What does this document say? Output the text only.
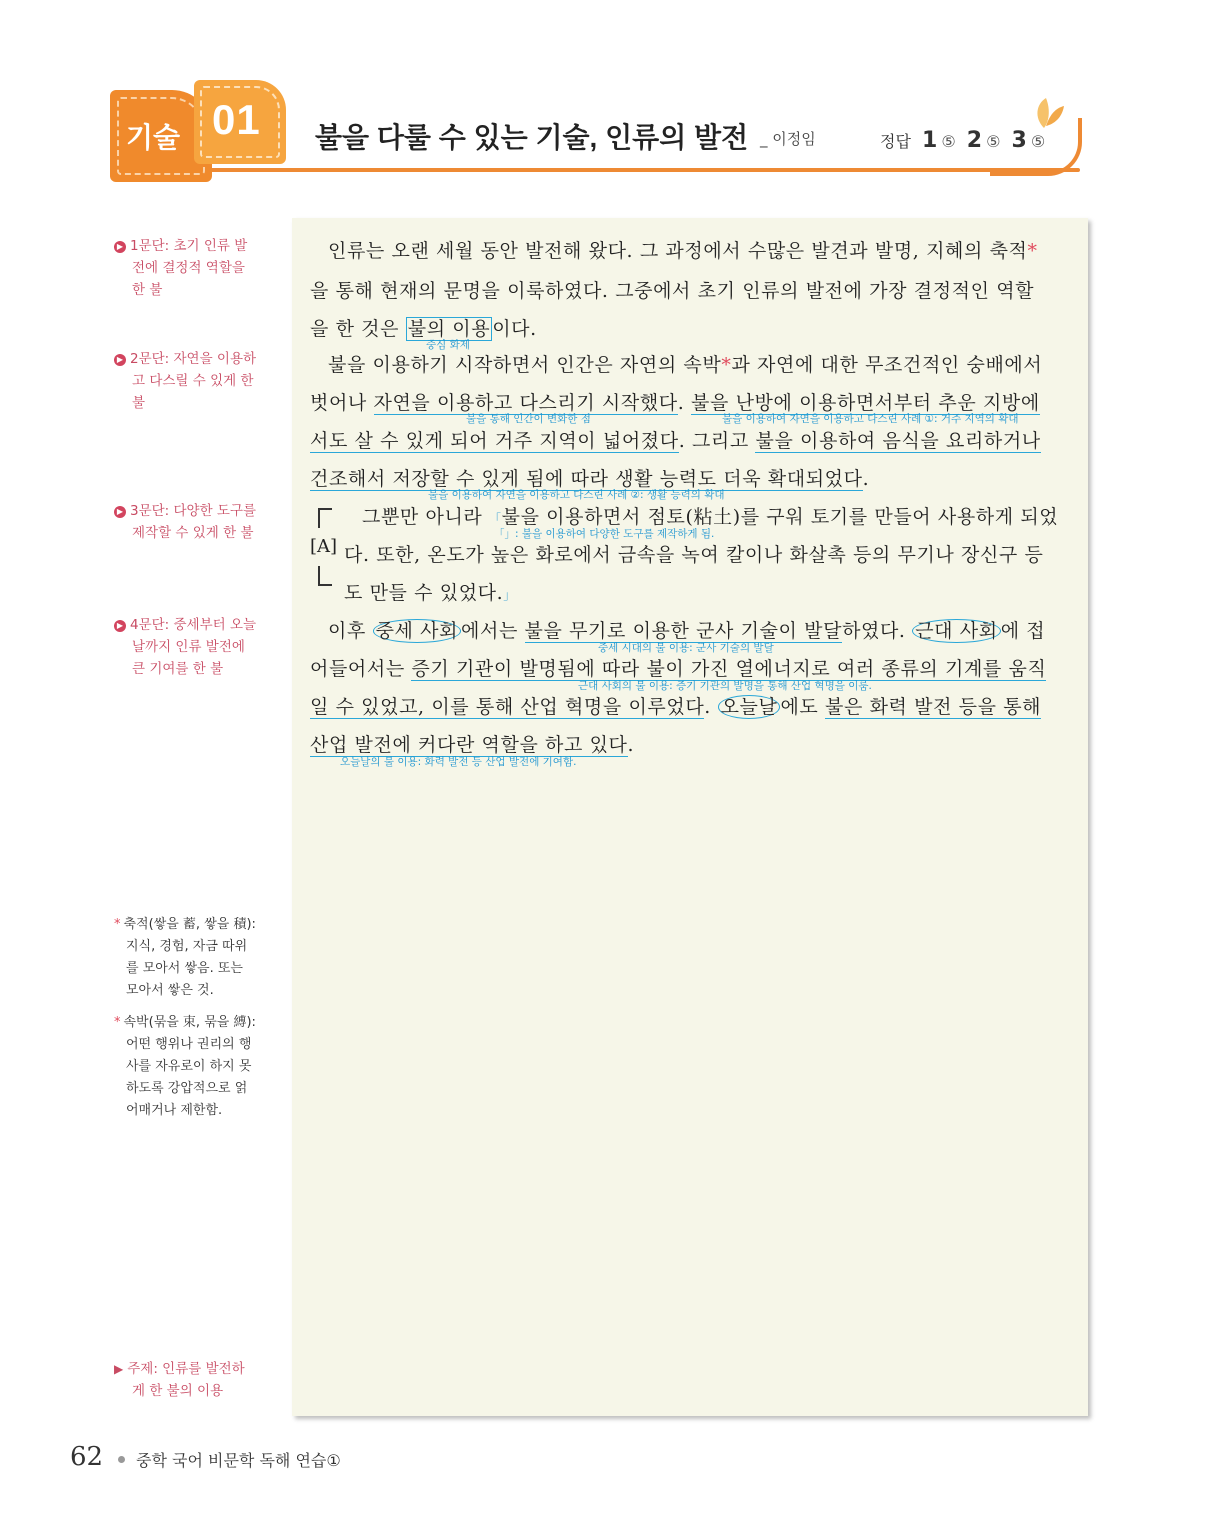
기술 01 불을 다룰 수 있는 기술, 인류의 발전 _ 이정임	정답 1 ⑤ 2 ⑤ 3 ⑤
▶ 1문단: 초기 인류 발
전에 결정적 역할을
한 불
▶ 2문단: 자연을 이용하
고 다스릴 수 있게 한
불
▶ 3문단: 다양한 도구를
제작할 수 있게 한 불
▶ 4문단: 중세부터 오늘
날까지 인류 발전에
큰 기여를 한 불
* 축적(쌓을 蓄, 쌓을 積):
지식, 경험, 자금 따위
를 모아서 쌓음. 또는
모아서 쌓은 것.
* 속박(묶을 束, 묶을 縛):
어떤 행위나 권리의 행
사를 자유로이 하지 못
하도록 강압적으로 얽
어매거나 제한함.
▶ 주제: 인류를 발전하
게 한 불의 이용
인류는 오랜 세월 동안 발전해 왔다. 그 과정에서 수많은 발견과 발명, 지혜의 축적*
을 통해 현재의 문명을 이룩하였다. 그중에서 초기 인류의 발전에 가장 결정적인 역할
을 한 것은 불의 이용 이다.
중심 화제
불을 이용하기 시작하면서 인간은 자연의 속박*과 자연에 대한 무조건적인 숭배에서
벗어나 자연을 이용하고 다스리기 시작했다. 불을 난방에 이용하면서부터 추운 지방에
불을 통해 인간이 변화한 점	불을 이용하여 자연을 이용하고 다스린 사례 ①: 거주 지역의 확대
서도 살 수 있게 되어 거주 지역이 넓어졌다. 그리고 불을 이용하여 음식을 요리하거나
건조해서 저장할 수 있게 됨에 따라 생활 능력도 더욱 확대되었다.
불을 이용하여 자연을 이용하고 다스린 사례 ②: 생활 능력의 확대
[A]
그뿐만 아니라 「불을 이용하면서 점토(粘土)를 구워 토기를 만들어 사용하게 되었
「」: 불을 이용하여 다양한 도구를 제작하게 됨.
다. 또한, 온도가 높은 화로에서 금속을 녹여 칼이나 화살촉 등의 무기나 장신구 등
도 만들 수 있었다.」
이후 중세 사회 에서는 불을 무기로 이용한 군사 기술이 발달하였다. 근대 사회 에 접
중세 시대의 불 이용: 군사 기술의 발달
어들어서는 증기 기관이 발명됨에 따라 불이 가진 열에너지로 여러 종류의 기계를 움직
근대 사회의 불 이용: 증기 기관의 발명을 통해 산업 혁명을 이룸.
일 수 있었고, 이를 통해 산업 혁명을 이루었다. 오늘날 에도 불은 화력 발전 등을 통해
산업 발전에 커다란 역할을 하고 있다.
오늘날의 불 이용: 화력 발전 등 산업 발전에 기여함.
62 중학 국어 비문학 독해 연습①
